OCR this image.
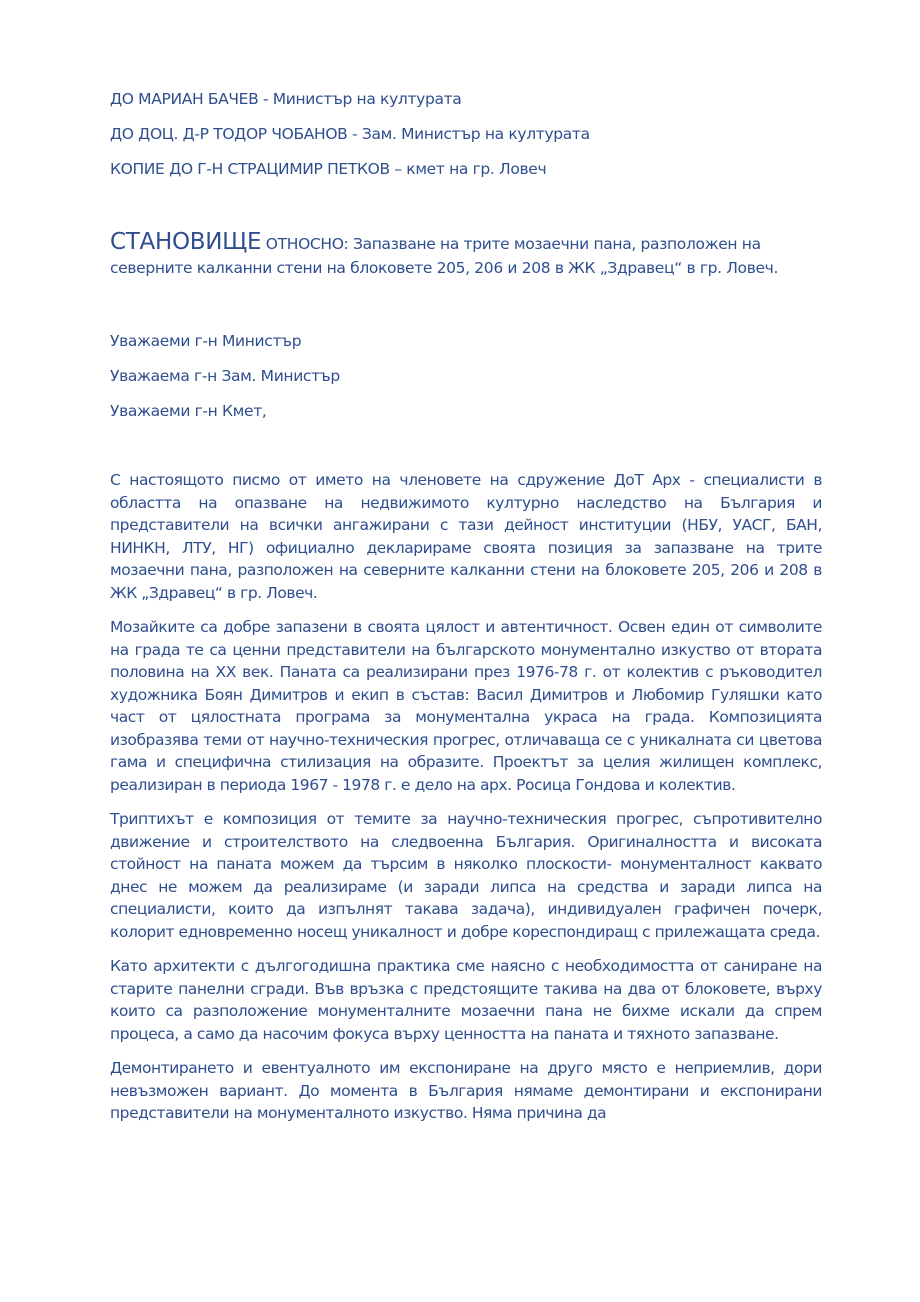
ДО МАРИАН БАЧЕВ - Министър на културата
ДО ДОЦ. Д-Р ТОДОР ЧОБАНОВ - Зам. Министър на културата
КОПИЕ ДО Г-Н СТРАЦИМИР ПЕТКОВ – кмет на гр. Ловеч
СТАНОВИЩЕ ОТНОСНО: Запазване на трите мозаечни пана, разположен на северните калканни стени на блоковете 205, 206 и 208 в ЖК „Здравец“ в гр. Ловеч.
Уважаеми г-н Министър
Уважаема г-н Зам. Министър
Уважаеми г-н Кмет,

С настоящото писмо от името на членовете на сдружение ДоТ Арх - специалисти в областта на опазване на недвижимото културно наследство на България и представители на всички ангажирани с тази дейност институции (НБУ, УАСГ, БАН, НИНКН, ЛТУ, НГ) официално декларираме своята позиция за запазване на трите мозаечни пана, разположен на северните калканни стени на блоковете 205, 206 и 208 в ЖК „Здравец“ в гр. Ловеч.

Мозайките са добре запазени в своята цялост и автентичност. Освен един от символите на града те са ценни представители на българското монументално изкуство от втората половина на XX век. Паната са реализирани през 1976-78 г. от колектив с ръководител художника Боян Димитров и екип в състав: Васил Димитров и Любомир Гуляшки като част от цялостната програма за монументална украса на града. Композицията изобразява теми от научно-техническия прогрес, отличаваща се с уникалната си цветова гама и специфична стилизация на образите. Проектът за целия жилищен комплекс, реализиран в периода 1967 - 1978 г. е дело на арх. Росица Гондова и колектив.

Триптихът е композиция от темите за научно-техническия прогрес, съпротивително движение и строителството на следвоенна България. Оригиналността и високата стойност на паната можем да търсим в няколко плоскости- монументалност каквато днес не можем да реализираме (и заради липса на средства и заради липса на специалисти, които да изпълнят такава задача), индивидуален графичен почерк, колорит едновременно носещ уникалност и добре кореспондиращ с прилежащата среда.

Като архитекти с дългогодишна практика сме наясно с необходимостта от саниране на старите панелни сгради. Във връзка с предстоящите такива на два от блоковете, върху които са разположение монументалните мозаечни пана не бихме искали да спрем процеса, а само да насочим фокуса върху ценността на паната и тяхното запазване.

Демонтирането и евентуалното им експониране на друго място е неприемлив, дори невъзможен вариант. До момента в България нямаме демонтирани и експонирани представители на монументалното изкуство. Няма причина да
